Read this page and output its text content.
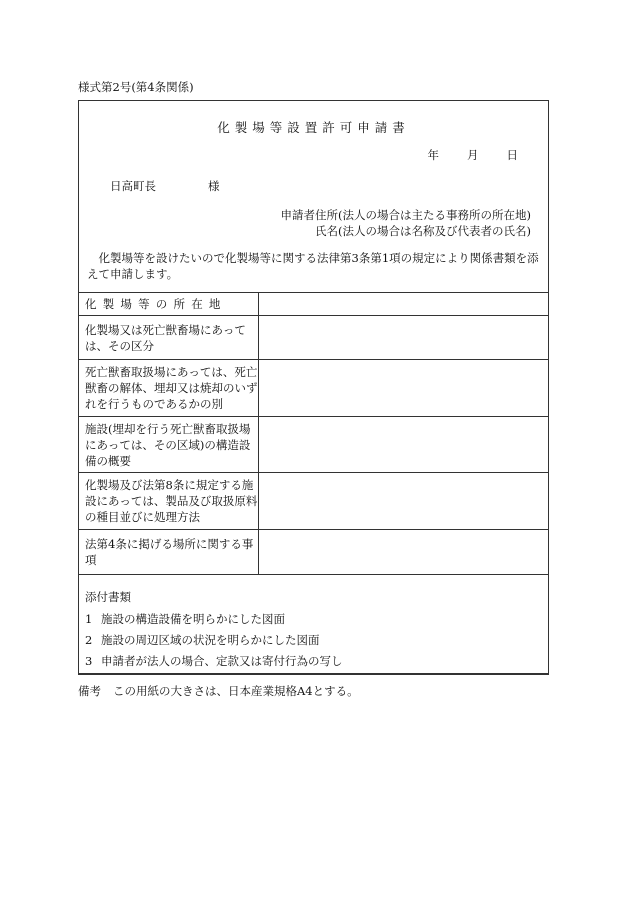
様式第2号(第4条関係)
化製場等設置許可申請書
年 月 日
日高町長	様
申請者住所(法人の場合は主たる事務所の所在地)
氏名(法人の場合は名称及び代表者の氏名)
化製場等を設けたいので化製場等に関する法律第3条第1項の規定により関係書類を添えて申請します。
化製場等の所在地	
化製場又は死亡獣畜場にあっては、その区分	
死亡獣畜取扱場にあっては、死亡獣畜の解体、埋却又は焼却のいずれを行うものであるかの別	
施設(埋却を行う死亡獣畜取扱場にあっては、その区域)の構造設備の概要	
化製場及び法第8条に規定する施設にあっては、製品及び取扱原料の種目並びに処理方法	
法第4条に掲げる場所に関する事項	

添付書類
1 施設の構造設備を明らかにした図面
2 施設の周辺区域の状況を明らかにした図面
3 申請者が法人の場合、定款又は寄付行為の写し	
備考 この用紙の大きさは、日本産業規格A4とする。
